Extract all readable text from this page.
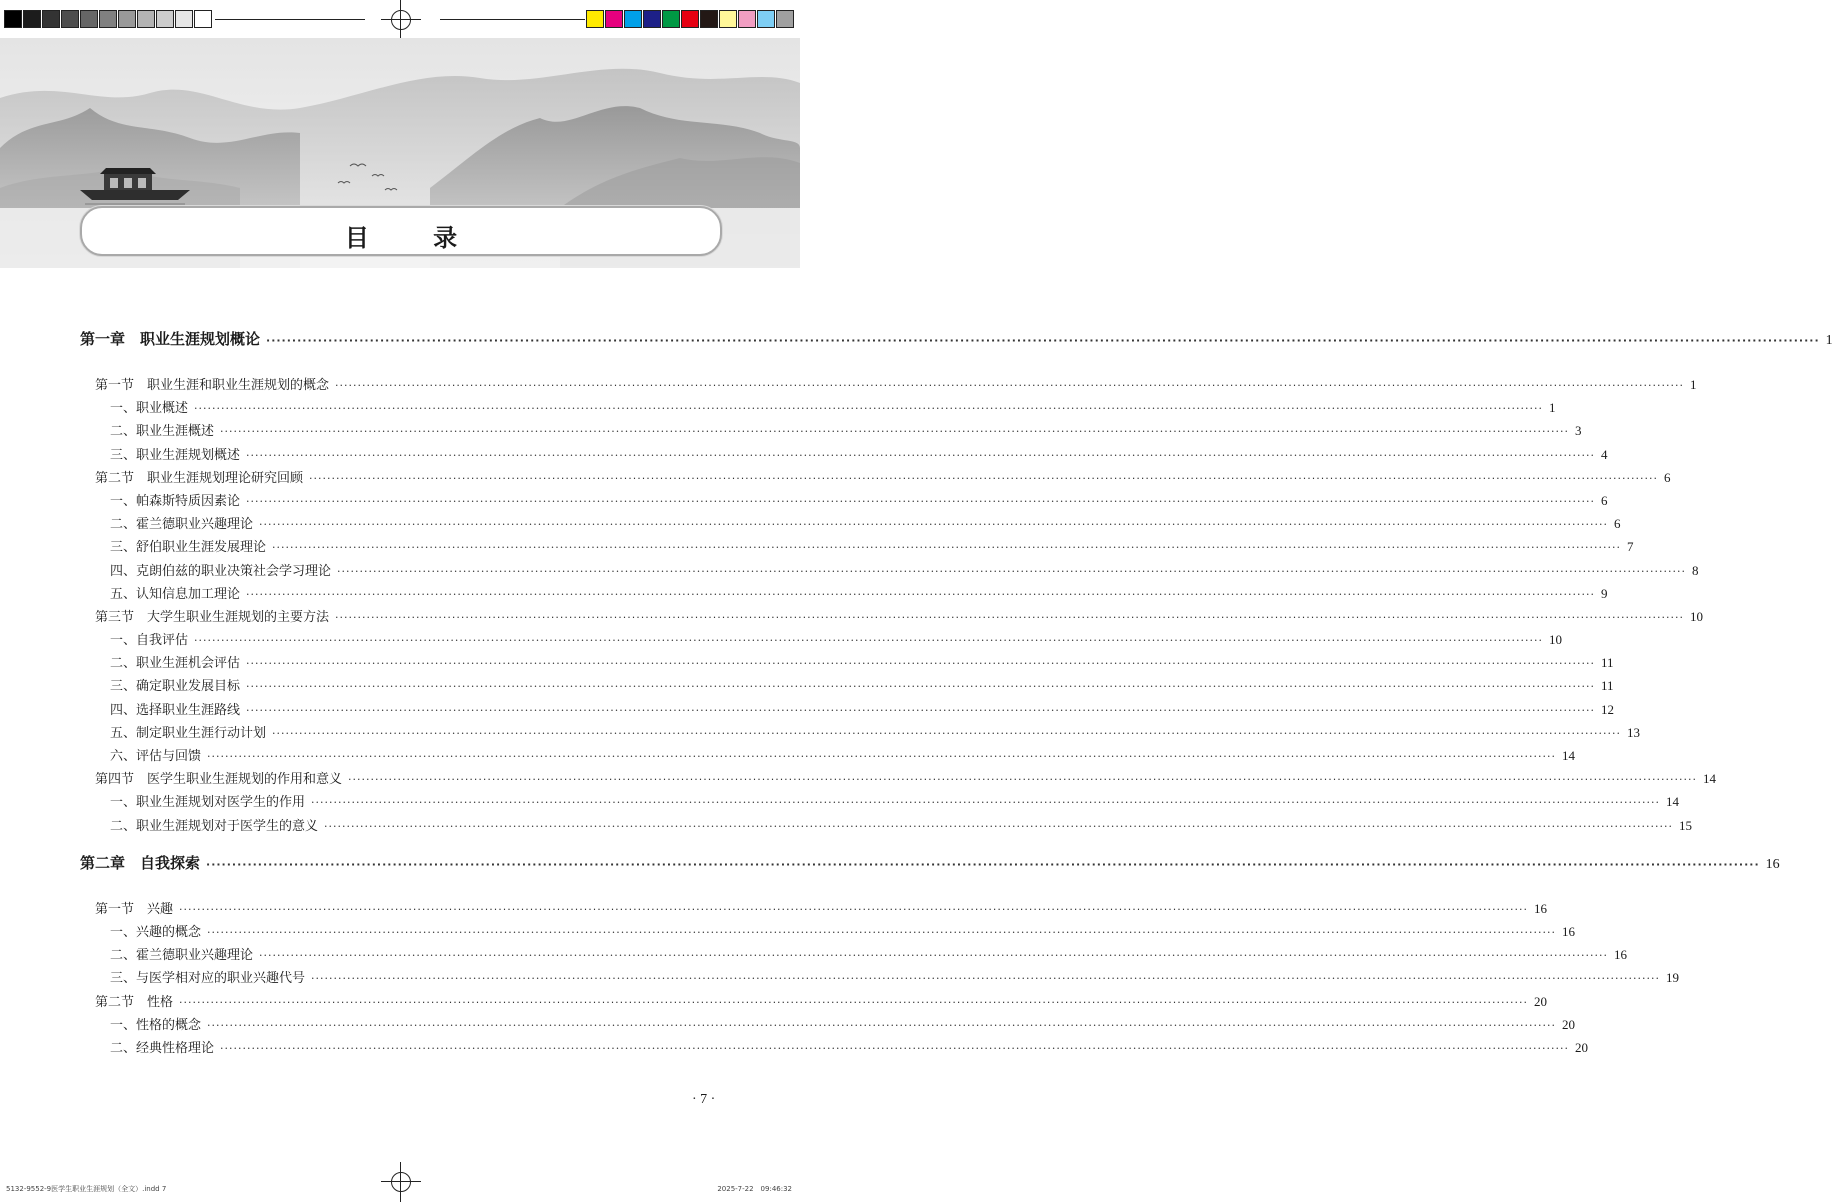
目 录
第一章　职业生涯规划概论 ············································································································································································································································································································ 1
第一节　职业生涯和职业生涯规划的概念 ············································································································································································································································································································ 1
一、职业概述 ············································································································································································································································································································ 1
二、职业生涯概述 ············································································································································································································································································································ 3
三、职业生涯规划概述 ············································································································································································································································································································ 4
第二节　职业生涯规划理论研究回顾 ············································································································································································································································································································ 6
一、帕森斯特质因素论 ············································································································································································································································································································ 6
二、霍兰德职业兴趣理论 ············································································································································································································································································································ 6
三、舒伯职业生涯发展理论 ············································································································································································································································································································ 7
四、克朗伯兹的职业决策社会学习理论 ············································································································································································································································································································ 8
五、认知信息加工理论 ············································································································································································································································································································ 9
第三节　大学生职业生涯规划的主要方法 ············································································································································································································································································································ 10
一、自我评估 ············································································································································································································································································································ 10
二、职业生涯机会评估 ············································································································································································································································································································ 11
三、确定职业发展目标 ············································································································································································································································································································ 11
四、选择职业生涯路线 ············································································································································································································································································································ 12
五、制定职业生涯行动计划 ············································································································································································································································································································ 13
六、评估与回馈 ············································································································································································································································································································ 14
第四节　医学生职业生涯规划的作用和意义 ············································································································································································································································································································ 14
一、职业生涯规划对医学生的作用 ············································································································································································································································································································ 14
二、职业生涯规划对于医学生的意义 ············································································································································································································································································································ 15
第二章　自我探索 ············································································································································································································································································································ 16
第一节　兴趣 ············································································································································································································································································································ 16
一、兴趣的概念 ············································································································································································································································································································ 16
二、霍兰德职业兴趣理论 ············································································································································································································································································································ 16
三、与医学相对应的职业兴趣代号 ············································································································································································································································································································ 19
第二节　性格 ············································································································································································································································································································ 20
一、性格的概念 ············································································································································································································································································································ 20
二、经典性格理论 ············································································································································································································································································································ 20
· 7 ·
5132-9552-9医学生职业生涯规划（全文）.indd 7	2025-7-22　09:46:32
